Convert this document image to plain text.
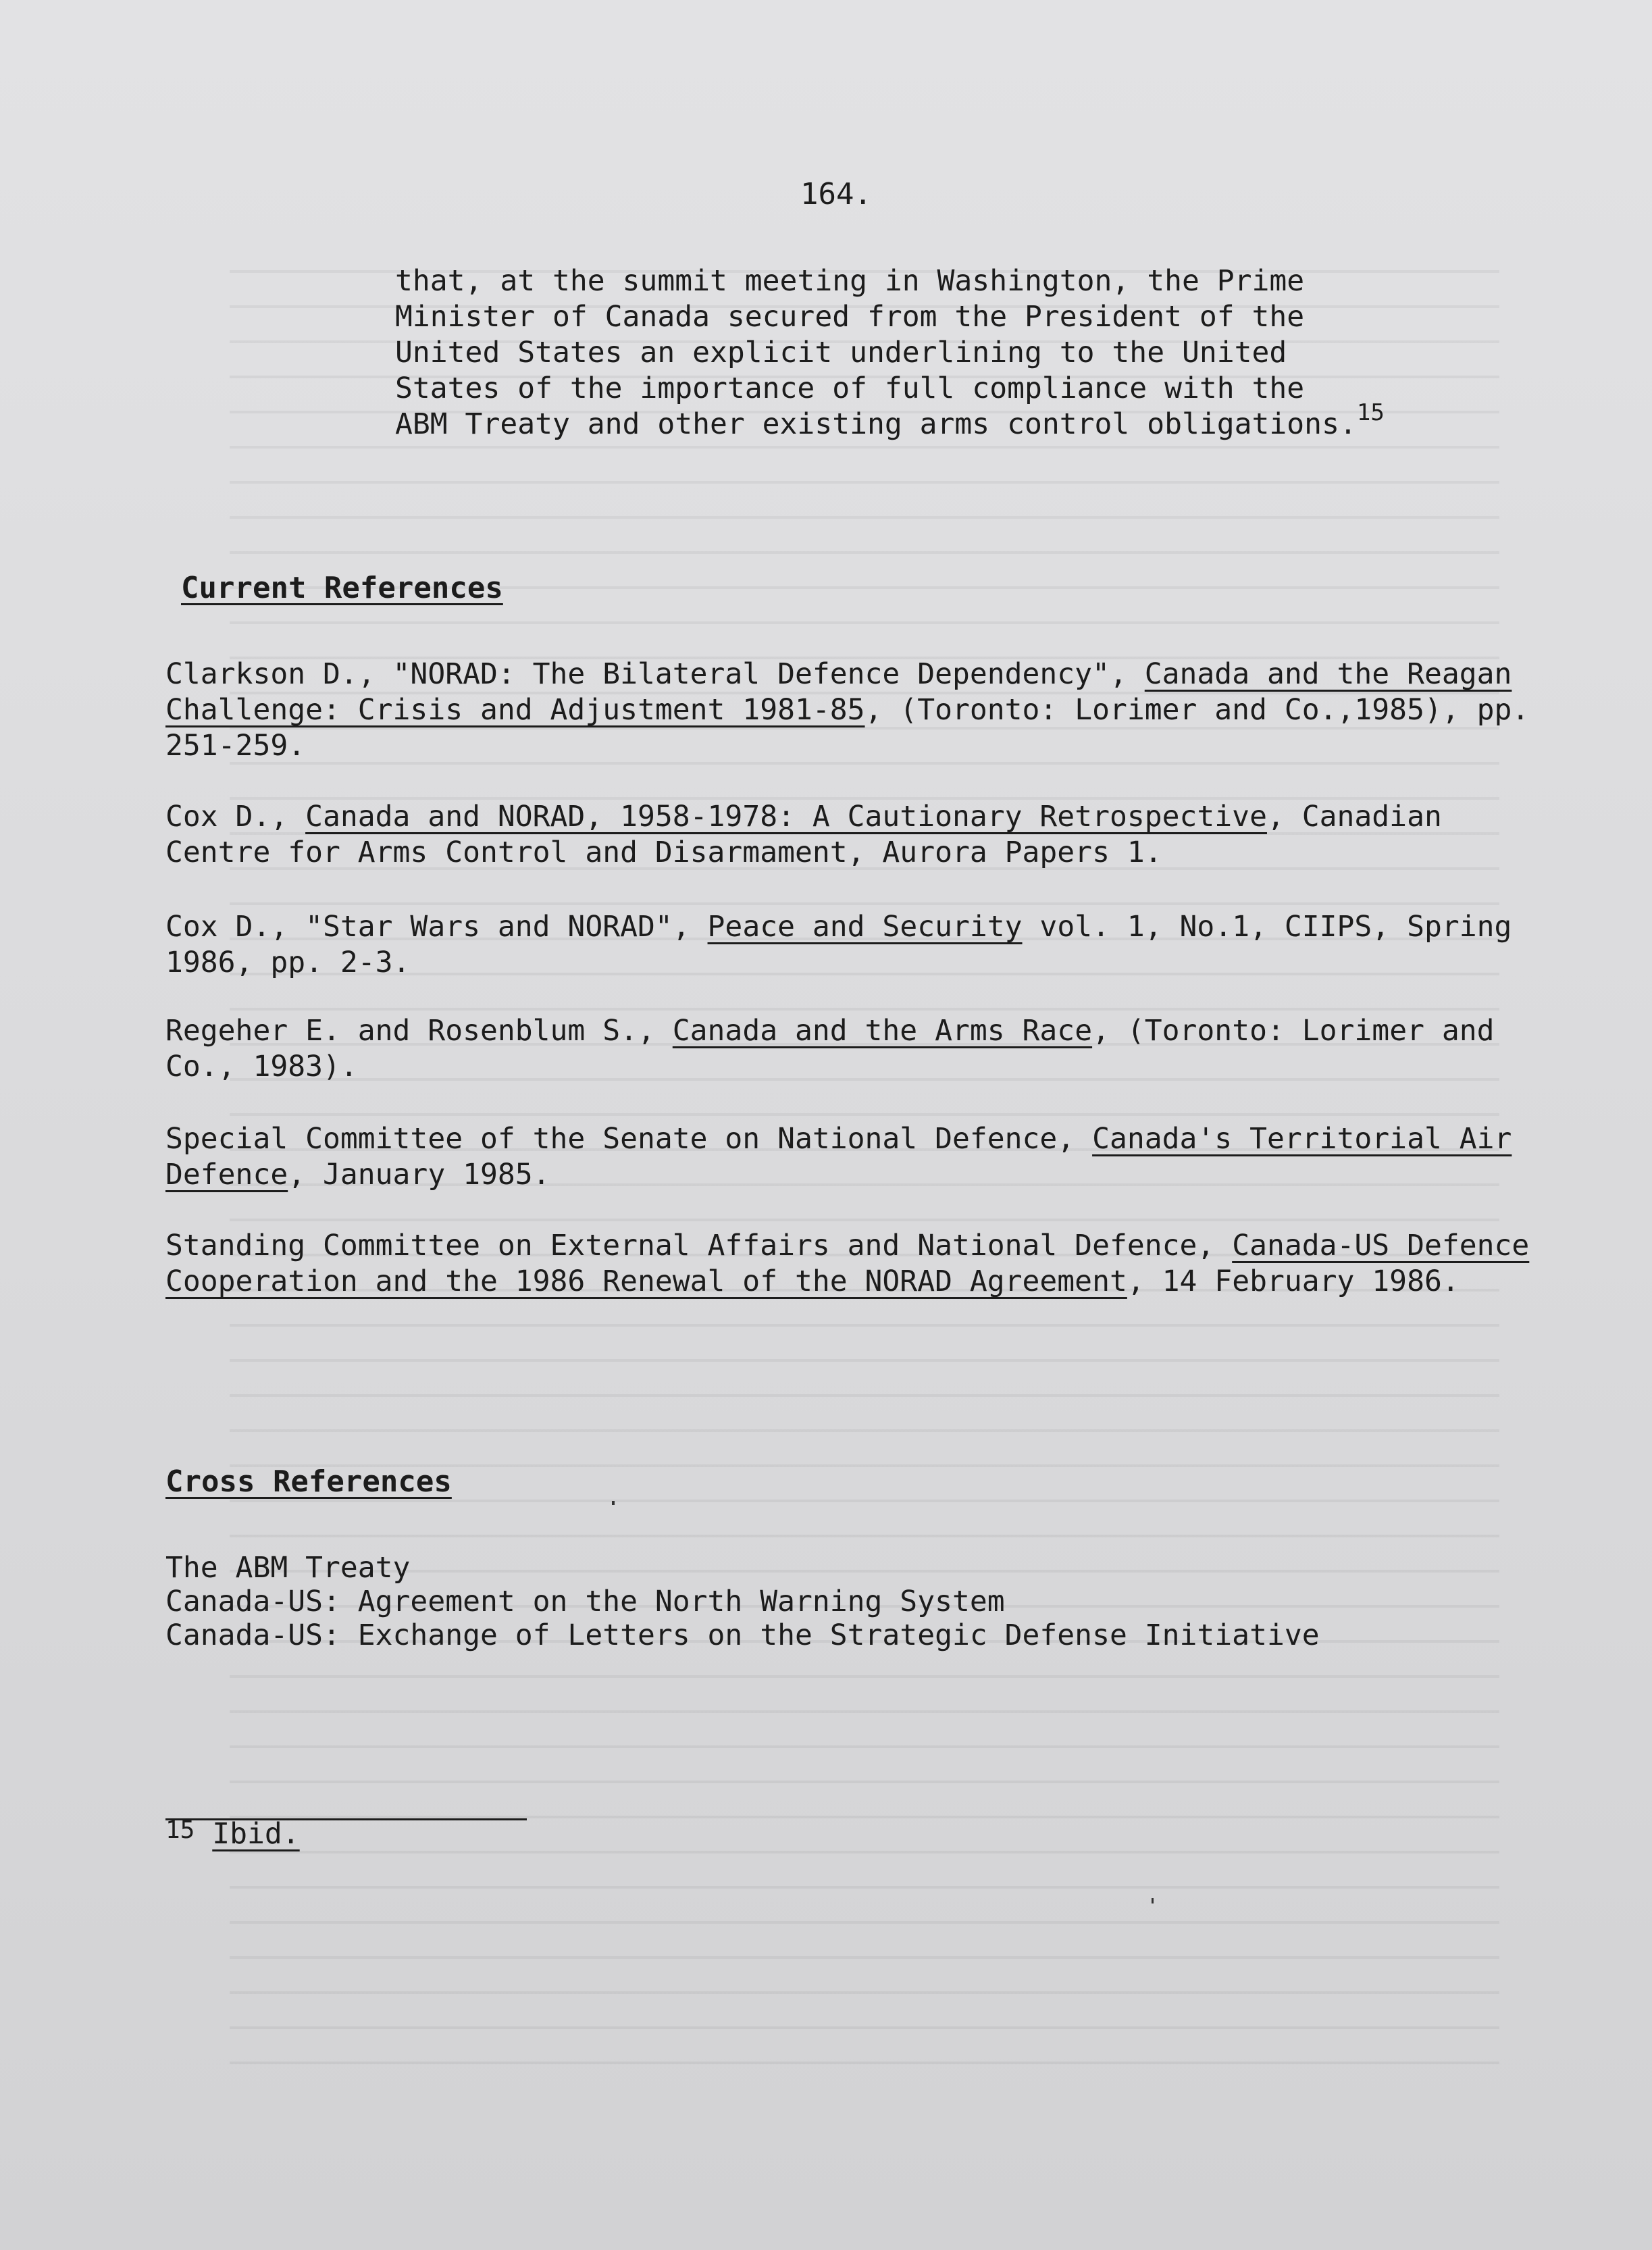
164.
that, at the summit meeting in Washington, the Prime
Minister of Canada secured from the President of the
United States an explicit underlining to the United
States of the importance of full compliance with the
ABM Treaty and other existing arms control obligations.$^{15}$
Current References
Clarkson D., "NORAD: The Bilateral Defence Dependency", Canada and the Reagan Challenge: Crisis and Adjustment 1981-85, (Toronto: Lorimer and Co.,1985), pp. 251-259.
Cox D., Canada and NORAD, 1958-1978: A Cautionary Retrospective, Canadian Centre for Arms Control and Disarmament, Aurora Papers 1.
Cox D., "Star Wars and NORAD", Peace and Security vol. 1, No.1, CIIPS, Spring 1986, pp. 2-3.
Regeher E. and Rosenblum S., Canada and the Arms Race, (Toronto: Lorimer and Co., 1983).
Special Committee of the Senate on National Defence, Canada's Territorial Air Defence, January 1985.
Standing Committee on External Affairs and National Defence, Canada-US Defence Cooperation and the 1986 Renewal of the NORAD Agreement, 14 February 1986.
Cross References
The ABM Treaty
Canada-US: Agreement on the North Warning System
Canada-US: Exchange of Letters on the Strategic Defense Initiative
15 Ibid.
